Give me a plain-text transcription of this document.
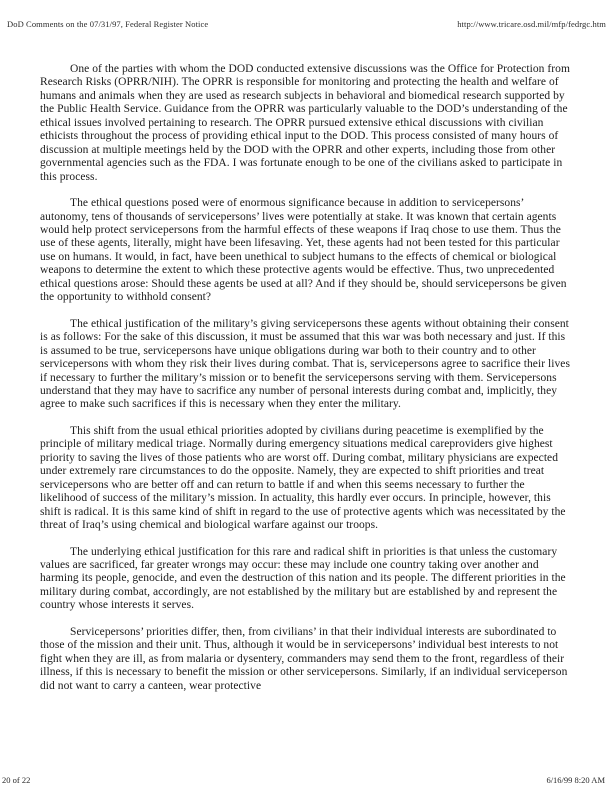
DoD Comments on the 07/31/97, Federal Register Notice	http://www.tricare.osd.mil/mfp/fedrgc.htm

One of the parties with whom the DOD conducted extensive discussions was the Office for Protection from Research Risks (OPRR/NIH). The OPRR is responsible for monitoring and protecting the health and welfare of humans and animals when they are used as research subjects in behavioral and biomedical research supported by the Public Health Service. Guidance from the OPRR was particularly valuable to the DOD’s understanding of the ethical issues involved pertaining to research. The OPRR pursued extensive ethical discussions with civilian ethicists throughout the process of providing ethical input to the DOD. This process consisted of many hours of discussion at multiple meetings held by the DOD with the OPRR and other experts, including those from other governmental agencies such as the FDA. I was fortunate enough to be one of the civilians asked to participate in this process.

The ethical questions posed were of enormous significance because in addition to servicepersons’ autonomy, tens of thousands of servicepersons’ lives were potentially at stake. It was known that certain agents would help protect servicepersons from the harmful effects of these weapons if Iraq chose to use them. Thus the use of these agents, literally, might have been lifesaving. Yet, these agents had not been tested for this particular use on humans. It would, in fact, have been unethical to subject humans to the effects of chemical or biological weapons to determine the extent to which these protective agents would be effective. Thus, two unprecedented ethical questions arose: Should these agents be used at all? And if they should be, should servicepersons be given the opportunity to withhold consent?

The ethical justification of the military’s giving servicepersons these agents without obtaining their consent is as follows: For the sake of this discussion, it must be assumed that this war was both necessary and just. If this is assumed to be true, servicepersons have unique obligations during war both to their country and to other servicepersons with whom they risk their lives during combat. That is, servicepersons agree to sacrifice their lives if necessary to further the military’s mission or to benefit the servicepersons serving with them. Servicepersons understand that they may have to sacrifice any number of personal interests during combat and, implicitly, they agree to make such sacrifices if this is necessary when they enter the military.

This shift from the usual ethical priorities adopted by civilians during peacetime is exemplified by the principle of military medical triage. Normally during emergency situations medical careproviders give highest priority to saving the lives of those patients who are worst off. During combat, military physicians are expected under extremely rare circumstances to do the opposite. Namely, they are expected to shift priorities and treat servicepersons who are better off and can return to battle if and when this seems necessary to further the likelihood of success of the military’s mission. In actuality, this hardly ever occurs. In principle, however, this shift is radical. It is this same kind of shift in regard to the use of protective agents which was necessitated by the threat of Iraq’s using chemical and biological warfare against our troops.

The underlying ethical justification for this rare and radical shift in priorities is that unless the customary values are sacrificed, far greater wrongs may occur: these may include one country taking over another and harming its people, genocide, and even the destruction of this nation and its people. The different priorities in the military during combat, accordingly, are not established by the military but are established by and represent the country whose interests it serves.

Servicepersons’ priorities differ, then, from civilians’ in that their individual interests are subordinated to those of the mission and their unit. Thus, although it would be in servicepersons’ individual best interests to not fight when they are ill, as from malaria or dysentery, commanders may send them to the front, regardless of their illness, if this is necessary to benefit the mission or other servicepersons. Similarly, if an individual serviceperson did not want to carry a canteen, wear protective

20 of 22	6/16/99 8:20 AM
